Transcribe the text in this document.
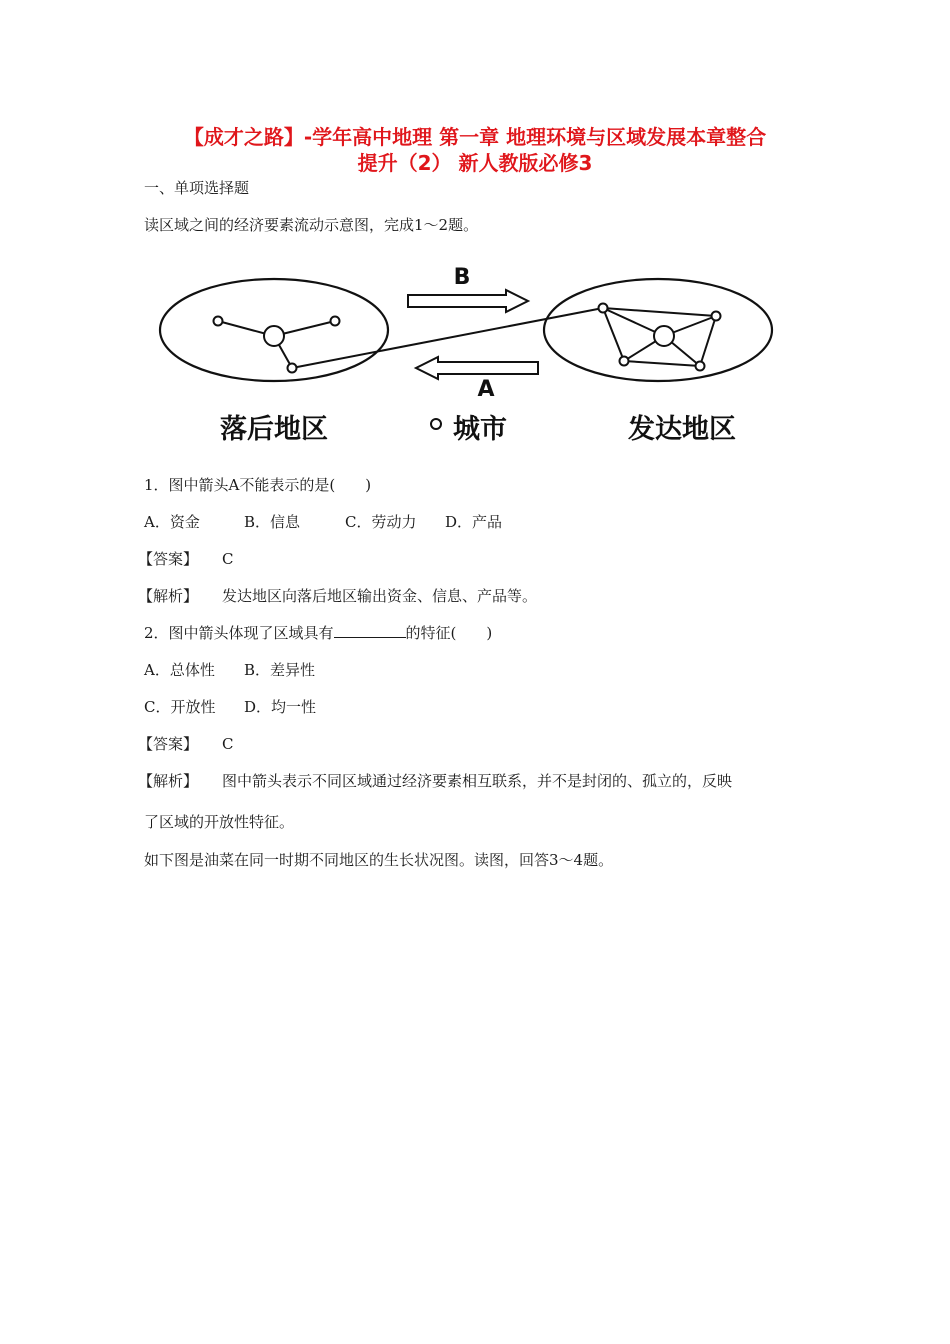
【成才之路】-学年高中地理 第一章 地理环境与区域发展本章整合
提升（2） 新人教版必修3
一、单项选择题
读区域之间的经济要素流动示意图，完成1～2题。
B
A
落后地区	城市	发达地区
1．图中箭头A不能表示的是(　　)
A．资金	B．信息	C．劳动力 D．产品
【答案】 C
【解析】 发达地区向落后地区输出资金、信息、产品等。
2．图中箭头体现了区域具有	的特征(　　)
A．总体性 B．差异性
C．开放性 D．均一性
【答案】 C
【解析】 图中箭头表示不同区域通过经济要素相互联系，并不是封闭的、孤立的，反映
了区域的开放性特征。
如下图是油菜在同一时期不同地区的生长状况图。读图，回答3～4题。
